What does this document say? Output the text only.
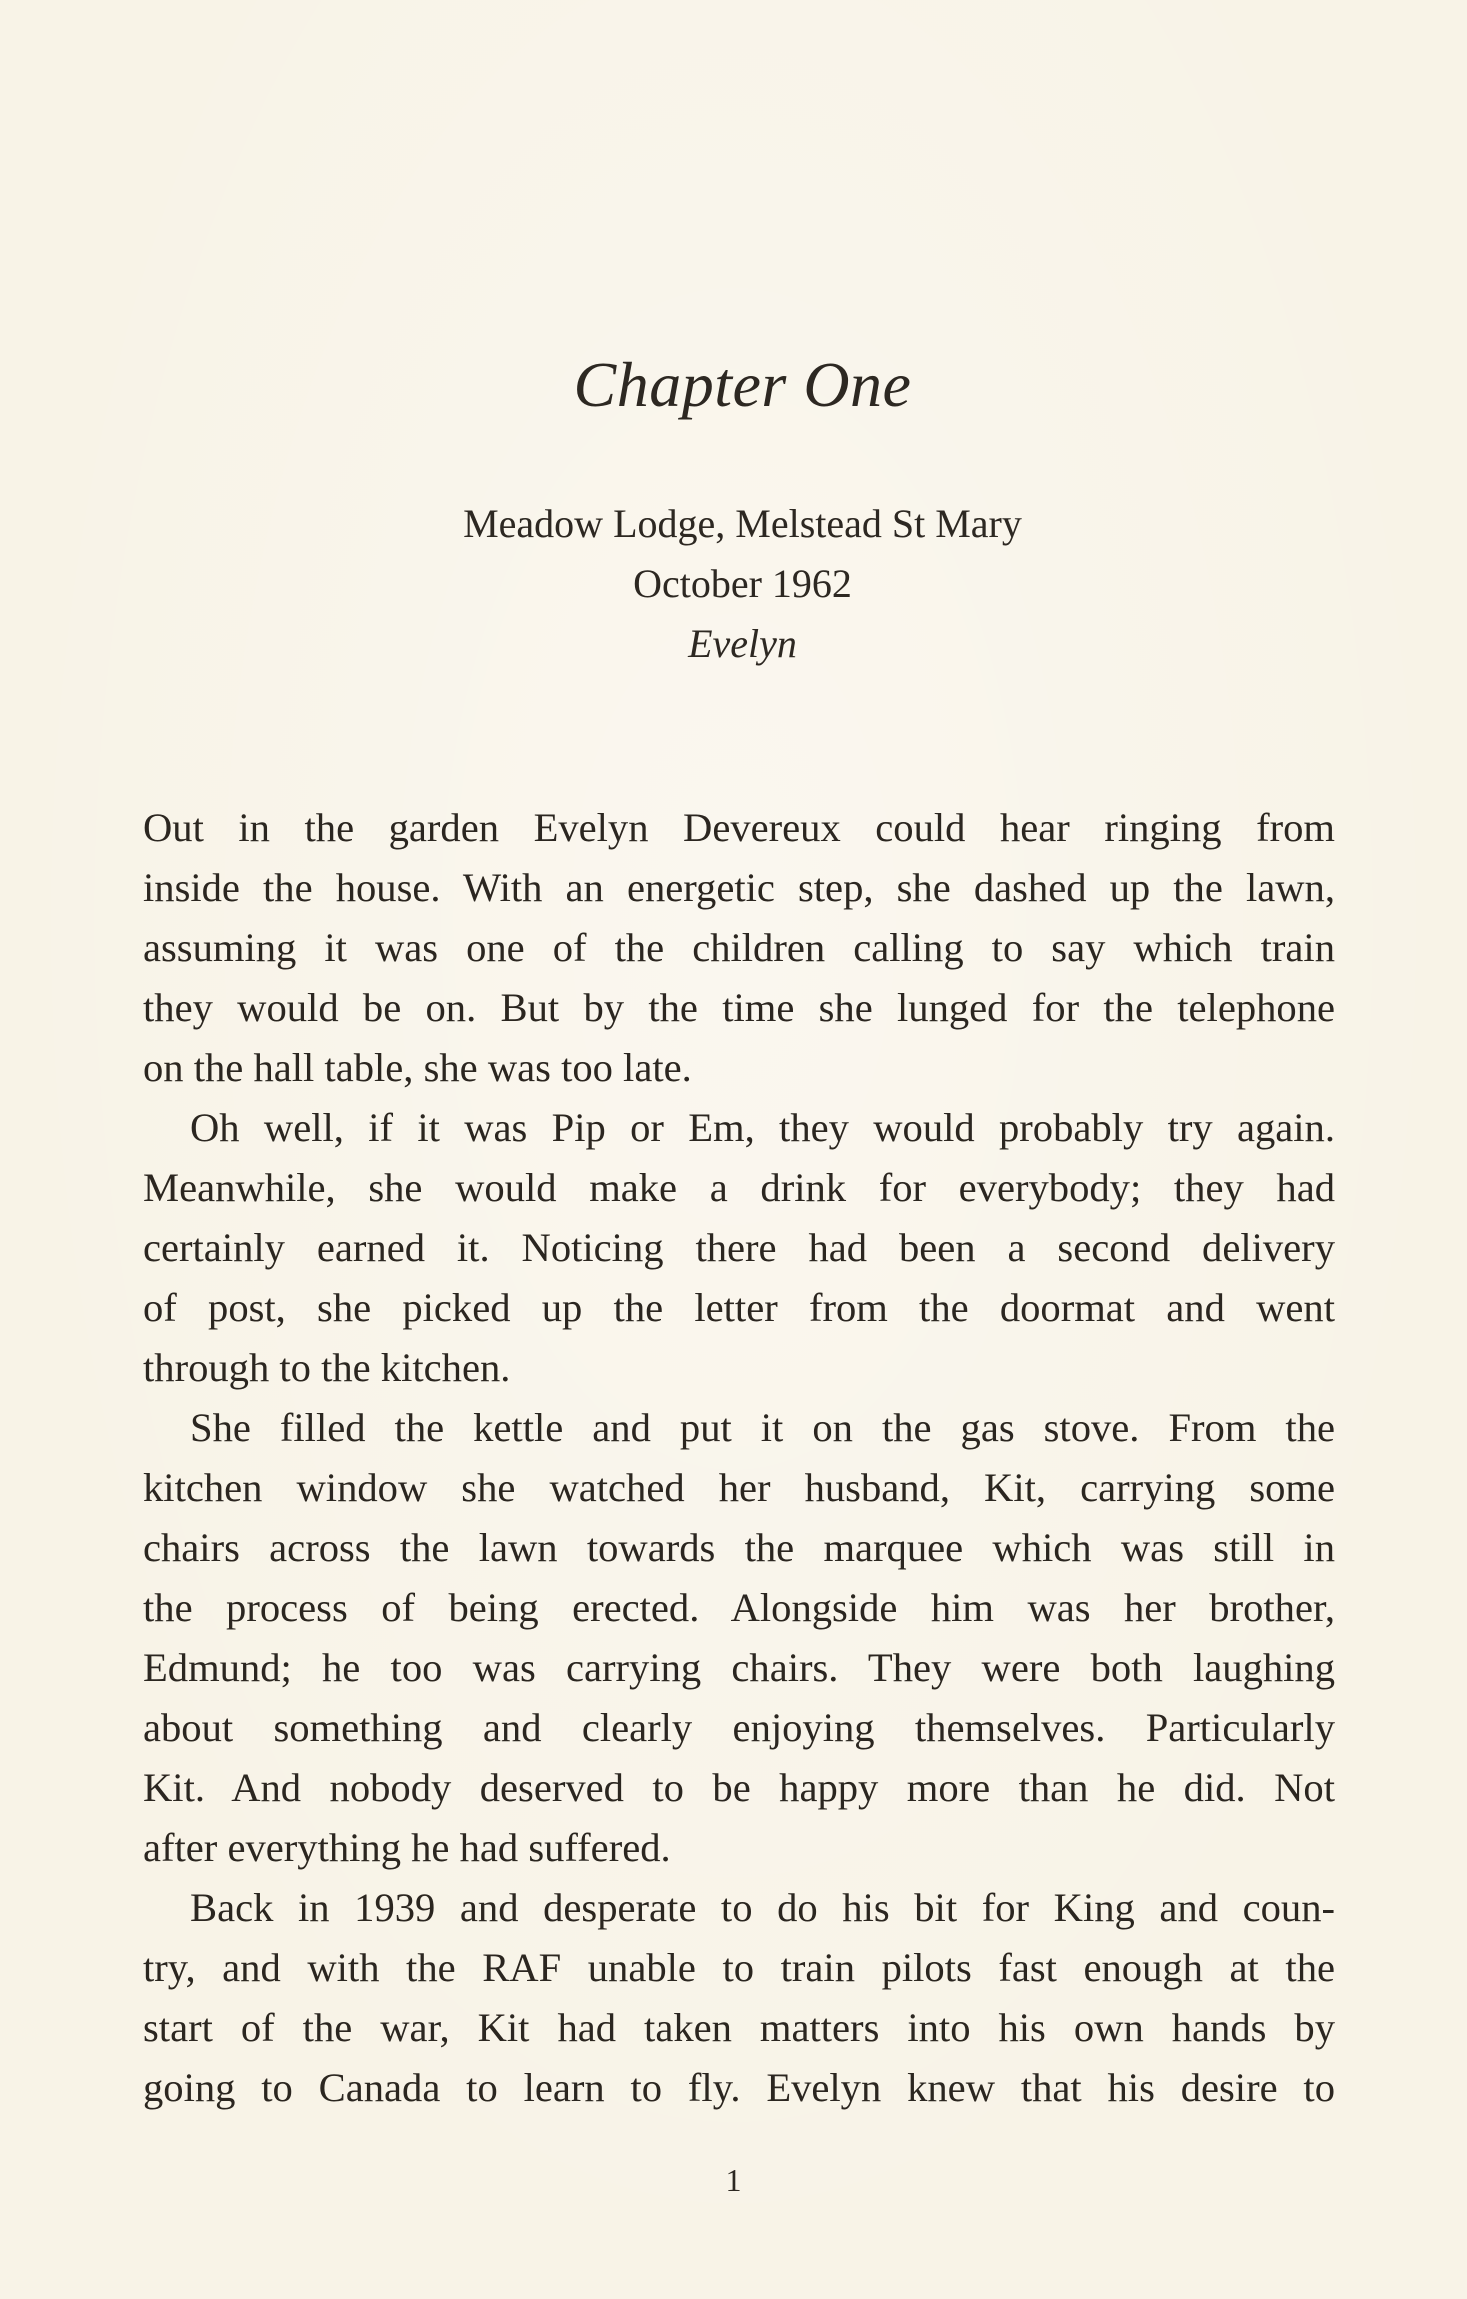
Chapter One
Meadow Lodge, Melstead St Mary
October 1962
Evelyn
Out in the garden Evelyn Devereux could hear ringing from
inside the house. With an energetic step, she dashed up the lawn,
assuming it was one of the children calling to say which train
they would be on. But by the time she lunged for the telephone
on the hall table, she was too late.
Oh well, if it was Pip or Em, they would probably try again.
Meanwhile, she would make a drink for everybody; they had
certainly earned it. Noticing there had been a second delivery
of post, she picked up the letter from the doormat and went
through to the kitchen.
She filled the kettle and put it on the gas stove. From the
kitchen window she watched her husband, Kit, carrying some
chairs across the lawn towards the marquee which was still in
the process of being erected. Alongside him was her brother,
Edmund; he too was carrying chairs. They were both laughing
about something and clearly enjoying themselves. Particularly
Kit. And nobody deserved to be happy more than he did. Not
after everything he had suffered.
Back in 1939 and desperate to do his bit for King and coun-
try, and with the RAF unable to train pilots fast enough at the
start of the war, Kit had taken matters into his own hands by
going to Canada to learn to fly. Evelyn knew that his desire to
1
